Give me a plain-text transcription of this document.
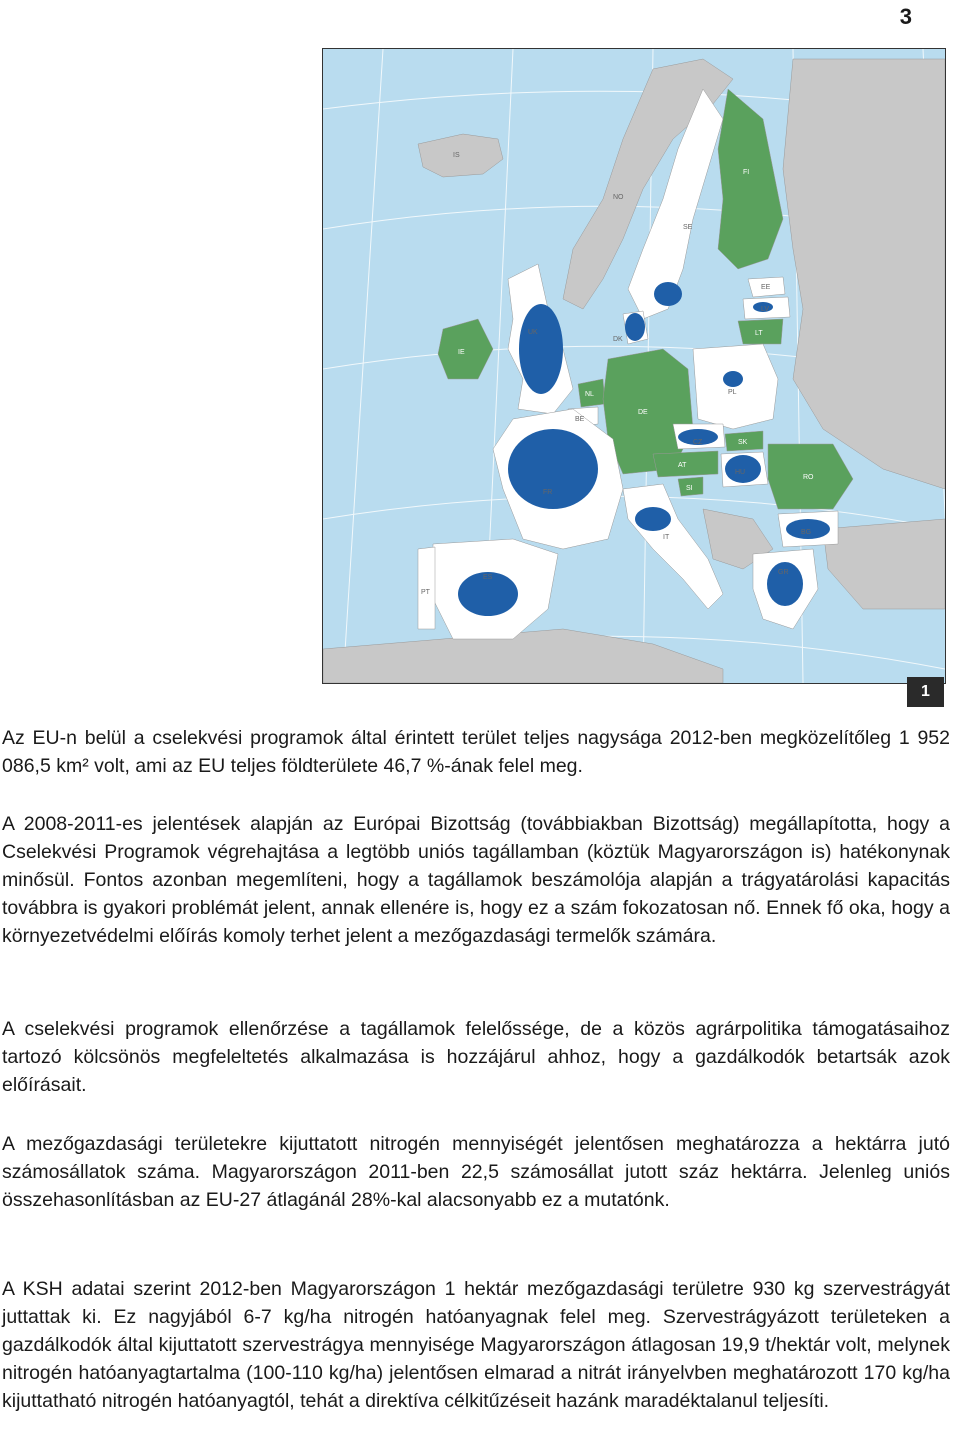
3
IS
FI
SE
NO
EE
LV
LT
DK
IE
UK
NL
BE
DE
PL
CZ	SK
AT
HU
SI
RO
BG
FR
IT
ES
PT
GR
1

Az EU-n belül a cselekvési programok által érintett terület teljes nagysága 2012-ben megközelítőleg 1 952 086,5 km² volt, ami az EU teljes földterülete 46,7 %-ának felel meg.

A 2008-2011-es jelentések alapján az Európai Bizottság (továbbiakban Bizottság) megállapította, hogy a Cselekvési Programok végrehajtása a legtöbb uniós tagállamban (köztük Magyarországon is) hatékonynak minősül. Fontos azonban megemlíteni, hogy a tagállamok beszámolója alapján a trágyatárolási kapacitás továbbra is gyakori problémát jelent, annak ellenére is, hogy ez a szám fokozatosan nő. Ennek fő oka, hogy a környezetvédelmi előírás komoly terhet jelent a mezőgazdasági termelők számára.

A cselekvési programok ellenőrzése a tagállamok felelőssége, de a közös agrárpolitika támogatásaihoz tartozó kölcsönös megfeleltetés alkalmazása is hozzájárul ahhoz, hogy a gazdálkodók betartsák azok előírásait.

A mezőgazdasági területekre kijuttatott nitrogén mennyiségét jelentősen meghatározza a hektárra jutó számosállatok száma. Magyarországon 2011-ben 22,5 számosállat jutott száz hektárra. Jelenleg uniós összehasonlításban az EU-27 átlagánál 28%-kal alacsonyabb ez a mutatónk.

A KSH adatai szerint 2012-ben Magyarországon 1 hektár mezőgazdasági területre 930 kg szervestrágyát juttattak ki. Ez nagyjából 6-7 kg/ha nitrogén hatóanyagnak felel meg. Szervestrágyázott területeken a gazdálkodók által kijuttatott szervestrágya mennyisége Magyarországon átlagosan 19,9 t/hektár volt, melynek nitrogén hatóanyagtartalma (100-110 kg/ha) jelentősen elmarad a nitrát irányelvben meghatározott 170 kg/ha kijuttatható nitrogén hatóanyagtól, tehát a direktíva célkitűzéseit hazánk maradéktalanul teljesíti.
